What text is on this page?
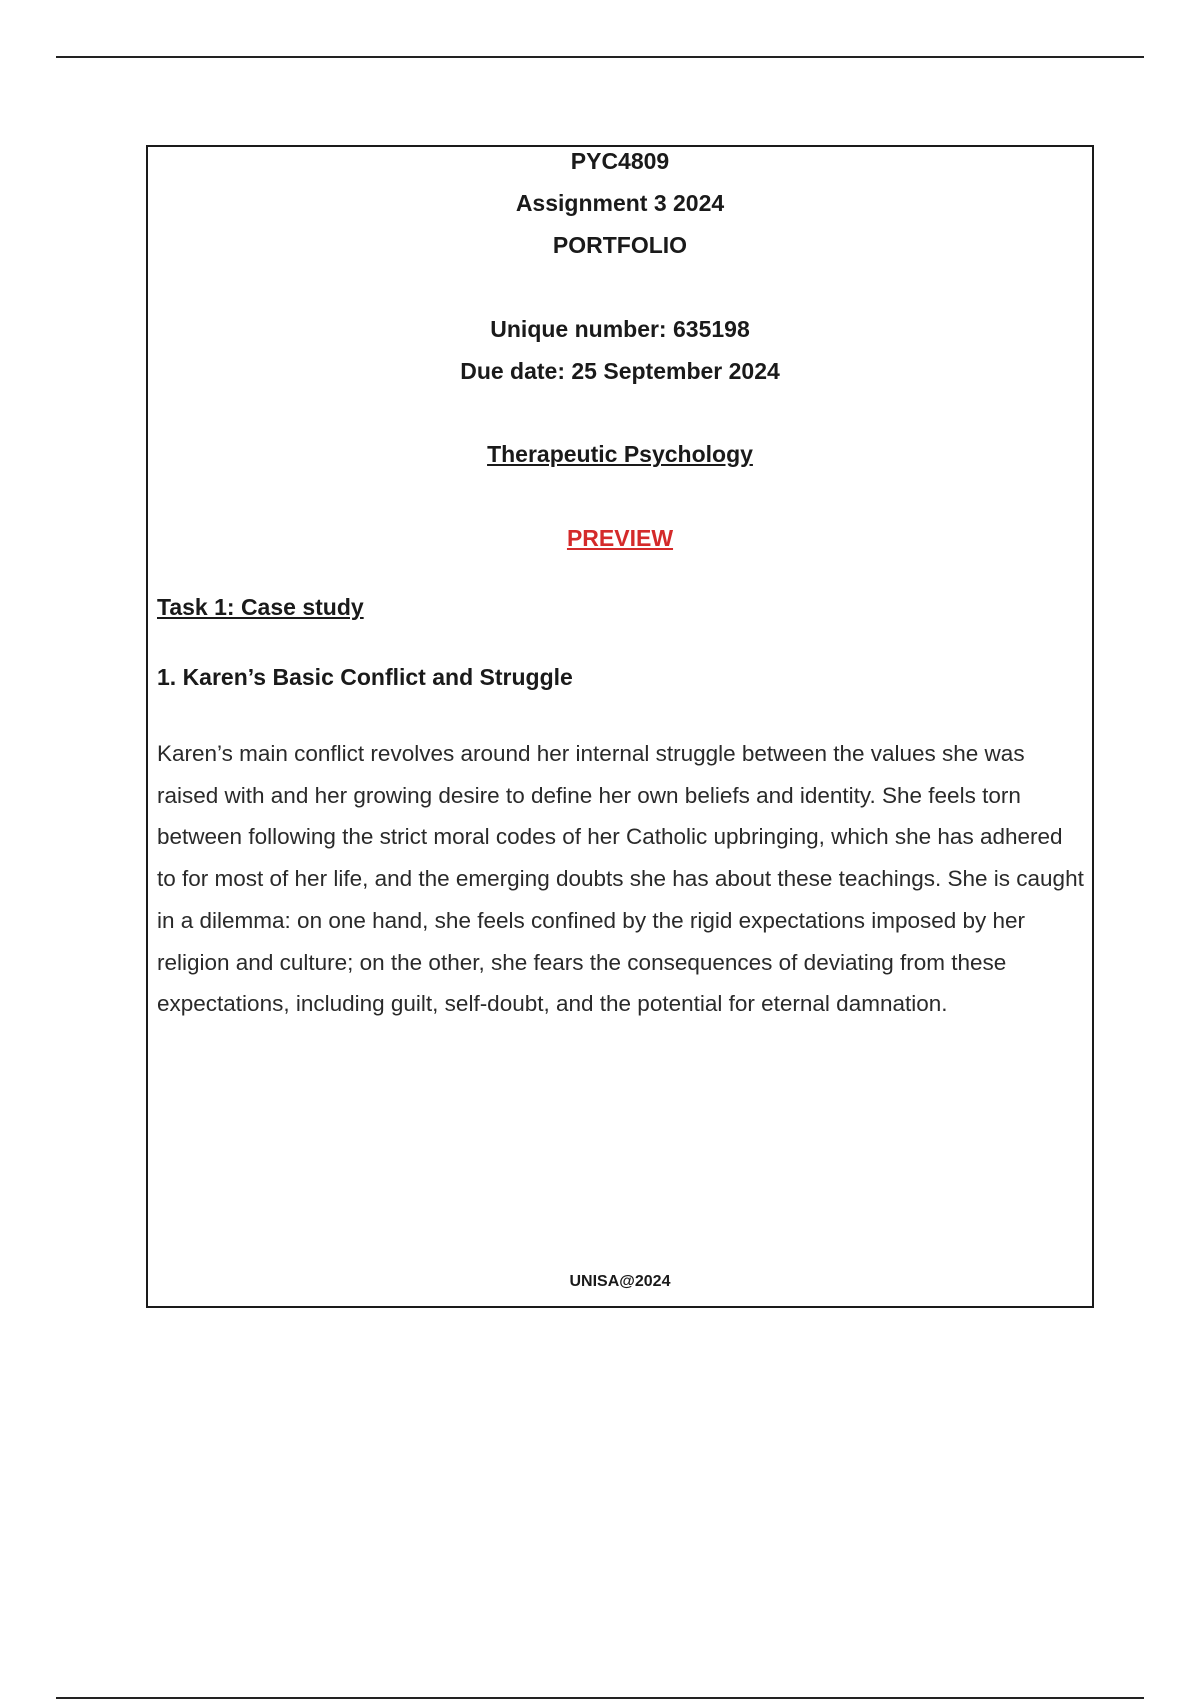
PYC4809
Assignment 3 2024
PORTFOLIO
Unique number: 635198
Due date: 25 September 2024
Therapeutic Psychology
PREVIEW
Task 1: Case study
1. Karen’s Basic Conflict and Struggle
Karen’s main conflict revolves around her internal struggle between the values she was raised with and her growing desire to define her own beliefs and identity. She feels torn between following the strict moral codes of her Catholic upbringing, which she has adhered to for most of her life, and the emerging doubts she has about these teachings. She is caught in a dilemma: on one hand, she feels confined by the rigid expectations imposed by her religion and culture; on the other, she fears the consequences of deviating from these expectations, including guilt, self-doubt, and the potential for eternal damnation.
UNISA@2024
